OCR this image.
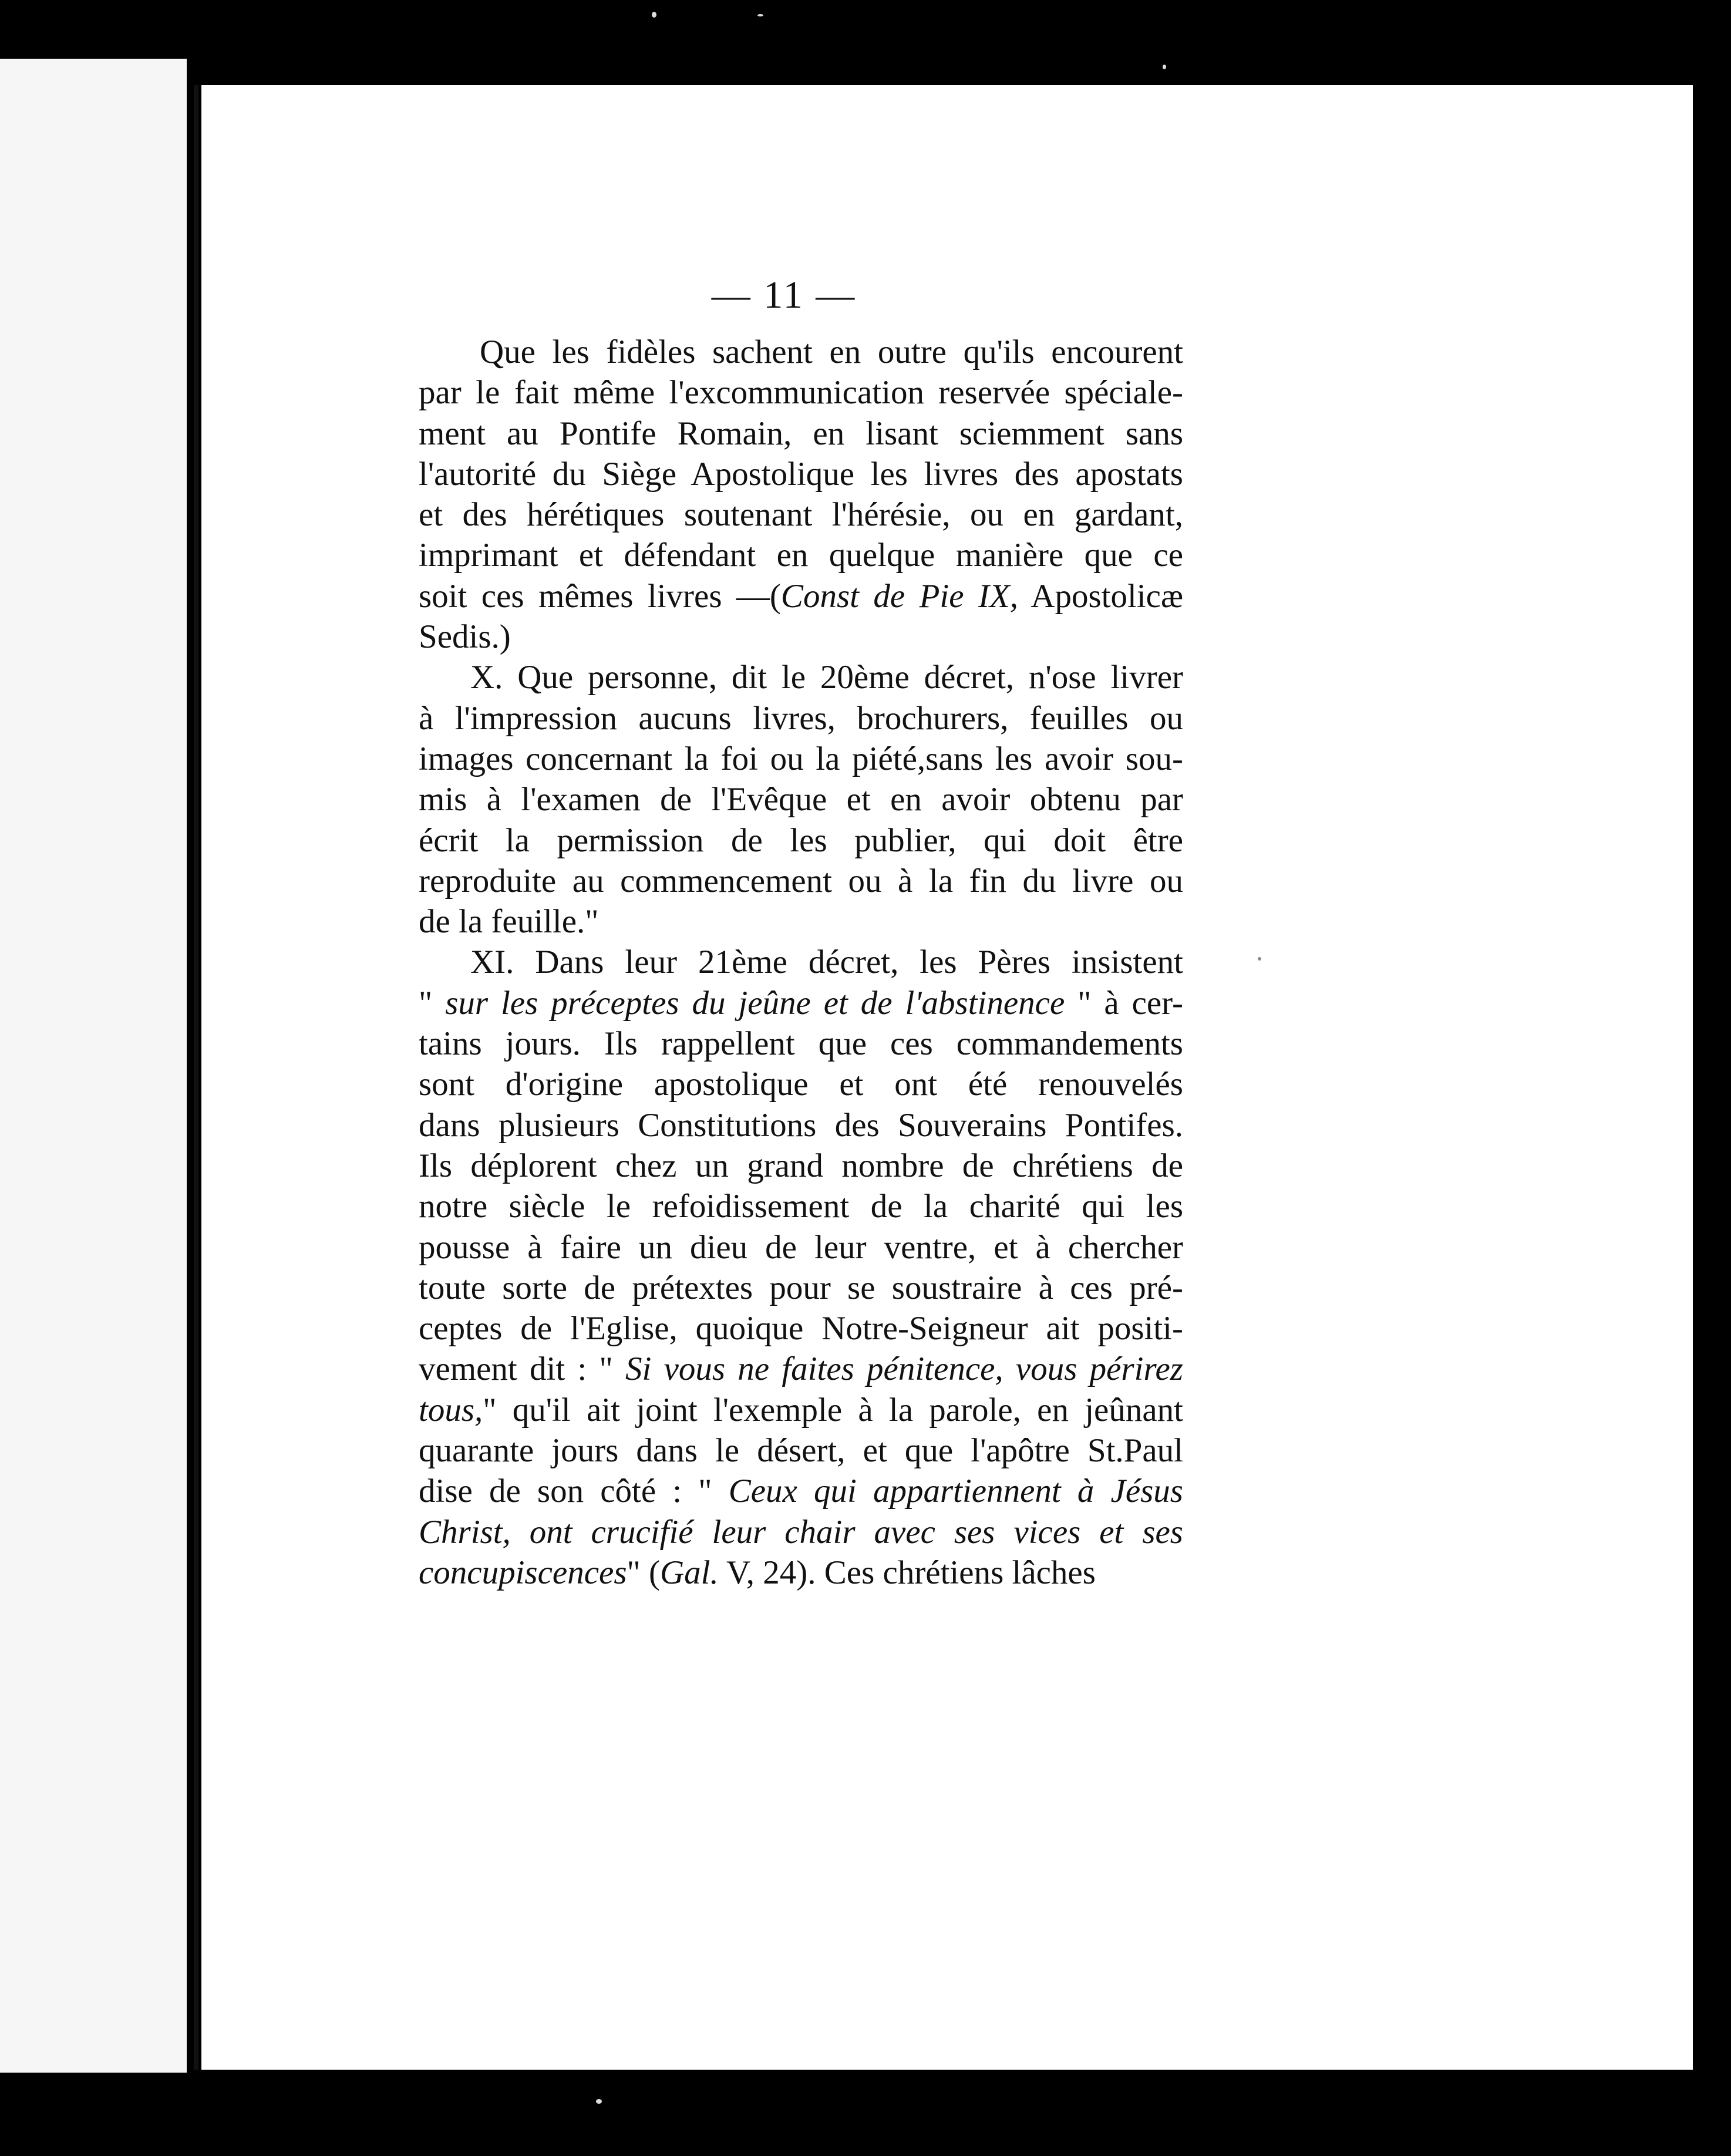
— 11 —

Que les fidèles sachent en outre qu'ils encourent
par le fait même l'excommunication reservée spéciale-
ment au Pontife Romain, en lisant sciemment sans
l'autorité du Siège Apostolique les livres des apostats
et des hérétiques soutenant l'hérésie, ou en gardant,
imprimant et défendant en quelque manière que ce
soit ces mêmes livres —(Const de Pie IX, Apostolicæ
Sedis.)

X. Que personne, dit le 20ème décret, n'ose livrer
à l'impression aucuns livres, brochurers, feuilles ou
images concernant la foi ou la piété,sans les avoir sou-
mis à l'examen de l'Evêque et en avoir obtenu par
écrit la permission de les publier, qui doit être
reproduite au commencement ou à la fin du livre ou
de la feuille."

XI. Dans leur 21ème décret, les Pères insistent
" sur les préceptes du jeûne et de l'abstinence " à cer-
tains jours. Ils rappellent que ces commandements
sont d'origine apostolique et ont été renouvelés
dans plusieurs Constitutions des Souverains Pontifes.
Ils déplorent chez un grand nombre de chrétiens de
notre siècle le refoidissement de la charité qui les
pousse à faire un dieu de leur ventre, et à chercher
toute sorte de prétextes pour se soustraire à ces pré-
ceptes de l'Eglise, quoique Notre-Seigneur ait positi-
vement dit : " Si vous ne faites pénitence, vous périrez
tous," qu'il ait joint l'exemple à la parole, en jeûnant
quarante jours dans le désert, et que l'apôtre St.Paul
dise de son côté : " Ceux qui appartiennent à Jésus
Christ, ont crucifié leur chair avec ses vices et ses
concupiscences" (Gal. V, 24). Ces chrétiens lâches
